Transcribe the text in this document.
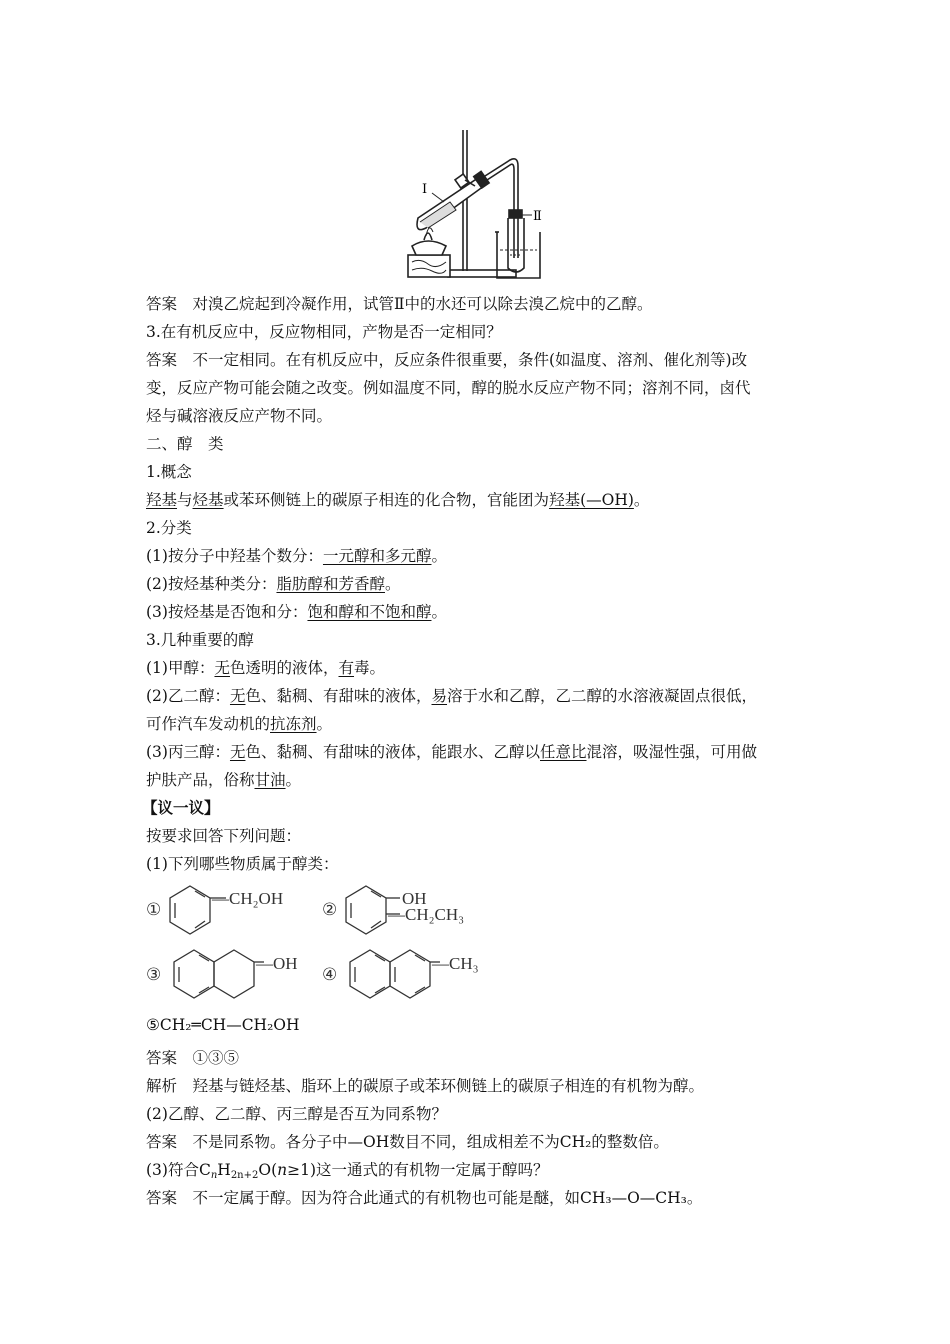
Ⅰ
Ⅱ
答案　对溴乙烷起到冷凝作用，试管Ⅱ中的水还可以除去溴乙烷中的乙醇。
3.在有机反应中，反应物相同，产物是否一定相同？
答案　不一定相同。在有机反应中，反应条件很重要，条件(如温度、溶剂、催化剂等)改
变，反应产物可能会随之改变。例如温度不同，醇的脱水反应产物不同；溶剂不同，卤代
烃与碱溶液反应产物不同。
二、醇　类
1.概念
羟基与烃基或苯环侧链上的碳原子相连的化合物，官能团为羟基(—OH)。
2.分类
(1)按分子中羟基个数分：一元醇和多元醇。
(2)按烃基种类分：脂肪醇和芳香醇。
(3)按烃基是否饱和分：饱和醇和不饱和醇。
3.几种重要的醇
(1)甲醇：无色透明的液体，有毒。
(2)乙二醇：无色、黏稠、有甜味的液体，易溶于水和乙醇，乙二醇的水溶液凝固点很低，
可作汽车发动机的抗冻剂。
(3)丙三醇：无色、黏稠、有甜味的液体，能跟水、乙醇以任意比混溶，吸湿性强，可用做
护肤产品，俗称甘油。
【议一议】
按要求回答下列问题：
(1)下列哪些物质属于醇类：
①
—CH₂OH
②
OH
—CH₂CH₃
③
—OH
④
—CH₃
⑤CH₂═CH—CH₂OH
答案　①③⑤
解析　羟基与链烃基、脂环上的碳原子或苯环侧链上的碳原子相连的有机物为醇。
(2)乙醇、乙二醇、丙三醇是否互为同系物？
答案　不是同系物。各分子中—OH数目不同，组成相差不为CH₂的整数倍。
(3)符合$C_nH_{2n+2}O(n\ge 1)$这一通式的有机物一定属于醇吗？
答案　不一定属于醇。因为符合此通式的有机物也可能是醚，如CH₃—O—CH₃。
